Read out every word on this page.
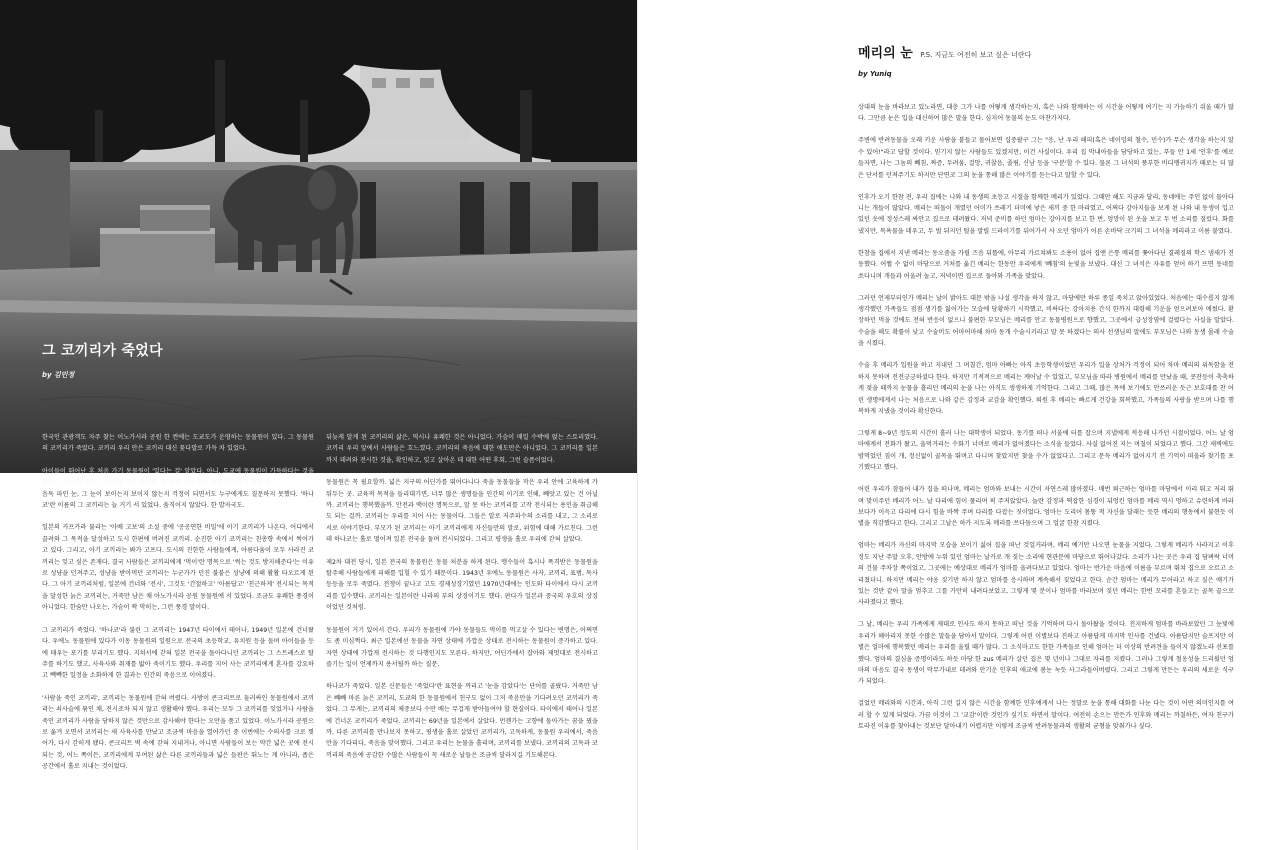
그 코끼리가 죽었다

by 김민정

한국인 관광객도 자주 찾는 이노가시라 공원 한 켠에는 도쿄도가 운영하는 동물원이 있다. 그 동물원의 코끼리가 죽었다. 코끼리 우리 안은 코끼리 대신 꽃다발로 가득 차 있었다.

아이들이 뛰어난 후 처음 가기 동물원이 '있다는 걸' 알았다. 아니, 도쿄에 동물원이 가득하다는 것을 알았다. 아이를 데리고 여러 번 가본 곳이다. 한 마리 밖에 없는 코끼리가 거기 있었다.

음독 파인 눈, 그 눈이 보이는지 보이지 않는지 걱정이 되면서도 누구에게도 질문하지 못했다. '하나코'란 이름의 그 코끼리는 늘 거기 서 있었다. 움직이지 않았다. 한 발자국도.

일본의 카프카라 불리는 '아베 고보'의 소설 중에 '공공연한 비밀'에 아기 코끼리가 나온다. 어디에서 끌려와 그 목적을 달성하고 도시 한편에 버려진 코끼리. 순진한 아기 코끼리는 친총향 속에서 썩어가고 있다. 그리고, 아기 코끼리는 봐가 고프다. 도시의 진한한 사람들에게, 아름다움이 모두 사라진 코끼리는 잊고 싶은 존재다. 결국 사람들은 코끼리에게 '먹이'란 명목으로 '썩는 것도 방지해준다'는 이유로 성냥을 던져주고, 성냥을 받아먹던 코끼리는 누군가가 던진 불붙은 성냥에 의해 활활 타오르게 된다. 그 아기 코끼리처럼, 일본에 건너와 '전시', 그것도 '간절하고' '아름답고' '친근하게' 전시되는 목적을 달성한 늙은 코끼리는, 거죽만 남은 채 아노가시라 공원 동물원에 서 있었다. 조금도 유쾌한 풍경이 아니었다. 한숨만 나오는, 가슴이 꽉 막히는, 그런 풍경 말이다.

그 코끼리가 죽었다. '하나코'라 불린 그 코끼리는 1947년 타이에서 태어나, 1949년 일본에 건너왔다. 우에노 동물원에 있다가 이동 동물원의 일원으로 전국의 초등학교, 유치원 등을 돌며 아이들을 등에 태우는 포기를 부리기도 했다. 지쳐서에 갇혀 일본 전국을 돌아다니던 코끼리는 그 스트레스로 탈주를 하기도 했고, 사육사와 취재를 밟아 죽이기도 했다. 우리를 지어 사는 코끼리에게 혼자를 강요하고 빽빽한 일정을 소화하게 한 결과는 인간의 죽음으로 이어졌다.

'사람을 죽인 코끼리', 코끼리는 동물원에 갇혀 버렸다. 사방이 콘크리트로 둘러싸인 동물원에서 코끼리는 쇠사슬에 묶인 채, 전시조차 되지 않고 생활해야 했다. 우리는 모두 그 코끼리를 잊었거나 사람을 죽인 코끼리가 사람을 당하지 않은 것만으로 감사해야 한다는 오만을 품고 있었다. 이노가시라 공원으로 옮겨 오면서 코끼리는 새 사육사를 만났고 조금씩 마음을 열어가던 중 이번에는 수의사를 크로 찢어가, 다시 갇히게 됐다. 콘크리트 벽 속에 갇혀 지내거나, 아니면 사람들이 보는 약간 넓은 곳에 전시되는 것, 어느 쪽이든, 코끼리에게 부여된 삶은 다른 코끼리들과 넓은 들판은 뛰노는 게 아니라, 좁은 공간에서 홀로 지내는 것이었다.

뒤늦게 알게 된 코끼리의 삶은, 역시나 유쾌한 것은 아니었다. 가슴이 매일 수박에 얹는 스토리였다. 코끼리 우리 앞에서 사람들은 흐느꼈다. 코끼리의 죽음에 대한 애도만은 아니었다. 그 코끼리를 일본까지 데려와 전시한 것을, 확인하고, 잊고 살아온 데 대한 어떤 후회, 그런 슬픔이었다.

동물원은 꼭 필요할까. 넓은 지구의 어딘가를 뛰어다니다 죽을 동물들을 작은 우리 안에 고육하게 가둬두는 곳. 교육적 목적을 들리대기면, 너무 많은 생명들을 인간의 이기로 인해, 빼앗고 있는 건 아닐까. 코끼리는 행복했을까. 안전과 맥이란 명목으로, 알 못 하는 코끼리를 고작 전시되는 용인을 취급해도 되는 걸까. 코끼리는 우리를 지어 사는 동물이다. 그들은 알로 저주파수의 소리를 내고, 그 소리로 서로 이야기한다. 부모가 된 코끼리는 아기 코끼리에게 자신들만의 말로, 위험에 대해 가르친다. 그런데 하나코는 홀로 떨어져 일본 전국을 돌며 전시되었다. 그리고 평생을 홀로 우리에 갇혀 살았다.

제2차 대전 당시, 일본 전국의 동물원은 동물 처분을 하게 된다. 맹수들이 혹시나 폭격받은 동물원을 탈주해 사람들에게 피해를 입힐 수 있기 때문이다. 1943년 우에노 동물원은 사자, 코끼리, 표범, 독사 등등을 모두 죽였다. 전쟁이 끝나고 고도 경제성장기였던 1970년대에는 인도와 타이에서 다시 코끼리를 입수했다. 코끼리는 일본이란 나라의 부의 상징이기도 했다. 판다가 일본과 중국의 우호의 상징이었던 것처럼.

동물원이 거기 있어서 간다. 우리가 동물원에 가야 동물들도 먹이를 먹고살 수 있다는 변명은, 어쩌면도 좀 미심쩍다. 최근 일본에선 동물을 자연 상태에 가깝운 상태로 전시하는 동물원이 증가하고 있다. 자연 상태에 가깝게 전시하는 것 다행인지도 모른다. 하지만, 어딘가에서 잡아와 제멋대로 전시하고 즐기는 일이 언제까지 용서될까 하는 질문.

하나코가 죽었다. 일본 신문들은 '죽었다'란 표현을 꺼리고 '눈을 감았다'는 단어를 골랐다. 거죽만 남은 빼빼 마른 늙은 코끼리, 도쿄의 한 동물원에서 친구도 없이 그저 죽음만을 기다려오던 코끼리가 죽었다. 그 무게는, 코끼리의 체중보다 수만 배는 무겁게 받아들여야 할 현실이다. 타이에서 태어나 일본에 건너온 코끼리가 죽었다. 코끼리는 69년을 일본에서 살았다. 먼젠가는 고향에 돌아가는 꿈을 꿨을까. 다른 코끼리를 만나보지 못하고, 평생을 홀로 살았던 코끼리가, 고독하게, 동물원 우리에서, 죽음만을 기다리다, 죽음을 맞이했다. 그리고 우리는 눈물을 흘리며, 코끼리를 보냈다. 코끼리의 고독과 코끼리의 죽음에 공감한 수많은 사람들이 꼭 새로운 날들은 조금씩 달라지길 기도해본다.

메리의 눈 P.S. 지금도 여전히 보고 싶은 너란다

by Yuniq

상대의 눈을 바라보고 있노라면, 대충 그가 나를 어떻게 생각하는지, 혹은 나와 함께하는 이 시간을 어떻게 여기는 지 가늠하기 쉬울 때가 많다. 그만큼 눈은 입을 대신하여 많은 말을 한다. 심지어 동물의 눈도 마찬가지다.

주변에 반려동물을 오래 키운 사람을 붙들고 물어보면 십중팔구 그는 "응, 난 우리 해피(혹은 네이밍의 철수, 민수)가 무슨 생각을 하는지 알 수 있어!"라고 답할 것이다. 믿기지 않는 사람들도 있겠지만, 이건 사실이다. 우리 집 막내아들을 담당하고 있는, 푸들 안 1세 '인후'를 예로 들자면, 나는 그놈의 빼침, 짜증, 두려움, 걸망, 귀찮음, 졸림, 신남 등을 '구분'할 수 있다. 물론 그 녀석의 풍부한 비디랭귀지가 때로는 더 많은 단서를 던져주기도 하지만 단연코 그의 눈을 통해 많은 이야기를 듣는다고 말할 수 있다.

인후가 오기 한참 전, 우리 집에는 나와 내 동생의 초등고 시절을 함께한 메리가 있었다. 그때만 해도 지금과 달리, 동네에는 주인 없이 돌아다니는 개들이 많았다. 메리는 떠돌이 개였던 어미가 쓰레기 더미에 낳은 새끼 중 한 마리였고, 어쩌다 강아지들을 보게 된 나와 내 동생이 입고 있던 옷에 정성스레 싸안고 집으로 데려왔다. 저녁 준비를 하던 엄마는 강아지를 보고 한 번, 엉망이 된 옷을 보고 두 번 소리를 질렀다. 화를 냈지만, 목욕물을 데우고, 두 벌 뒤지던 털을 말릴 드라이기를 뒤어가서 사 오던 엄마가 어른 손바닥 크기의 그 녀석을 메리라고 이름 붙였다.

한참을 집에서 지낸 메리는 동오줌을 가릴 즈음 뒤뜰에, 아무리 가르쳐봐도 소용이 없어 집앤 은통 메리를 쫓아다닌 결레질의 학스 냄새가 진동했다. 어쩔 수 없이 마당으로 거처를 옮긴 메리는 한동안 우리에게 '빼침'의 눈빛을 보냈다. 대신 그 녀석은 자유를 얻어 하기 뜨면 동네를 쏘다니며 개들과 어울려 놀고, 저녁이면 집으로 돌아와 가족을 맞았다.

그러던 언제부터인가 메리는 날이 밝아도 대문 밖을 나설 생각을 하지 않고, 마당에만 하루 종일 죽치고 앉아있었다. 처음에는 대수롭지 않게 생각했던 가족들도 점점 생기를 잃어가는 모습에 당황하기 시작했고, 비싸다는 강아지용 간식 한까지 대령해 기운을 얻으려보아 애썼다. 환장하던 먹을 것에도 전혀 반응이 없으니 불편한 부모님은 메리를 안고 동물병원으로 향했고, 그곳에서 급성장염에 걸렸다는 사실을 알았다. 수술을 해도 확률이 낮고 수술비도 어마어마해 차마 동개 수술시키라고 말 못 하겠다는 의사 선생님의 말에도 부모님은 나와 동생 몰래 수술을 시켰다.

수술 후 메리가 입원을 하고 지내던 그 며칠간, 엄마 아빠는 아직 초등학생이었던 우리가 입을 상처가 걱정이 되어 차마 메리의 위독함을 전하지 못하며 전전긍긍하셨다 한다. 하지만 기적적으로 메리는 깨어날 수 있었고, 부모님을 따라 병원에서 메리를 만났을 때, 콧잔등이 축축하게 젖을 때까지 눈물을 흘리던 메리의 눈을 나는 아직도 생생하게 기억한다. 그리고 그때, 많은 목에 보기에도 안쓰러운 듯근 보호대를 찬 어린 생명에게서 나는 처음으로 나와 같은 감정과 교감을 확인했다. 퇴원 후 메리는 빠르게 건강을 회복했고, 가족들의 사랑을 받으며 나를 행복하게 지냈을 것이라 확신한다.

그렇게 8~9년 정도의 시간이 흘러 나는 대학생이 되었다. 동기를 떠나 서울에 터를 잡으며 지낼에게 적응해 나가던 시절이었다. 어느 날 엄마에게서 전화가 왔고, 울먹거리는 수화기 너머로 메리가 없어졌다는 소식을 들었다. 사실 없어진 지는 며칠이 되었다고 했다. 그간 새벽에도 밤먹었던 짐이 개, 정신없이 골목을 뛰며고 다니며 찾았지만 찾을 수가 없었다고. 그리고 문득 메리가 없어지기 전 기억이 떠올라 찾기를 포기했다고 했다.

어린 우리가 잠들어 내가 집을 떠나며, 메리는 엄마와 보내는 시간이 자연스레 많아졌다. 매번 퇴근하는 엄마를 마당에서 이리 뛰고 저리 뛰며 맞이주던 메리가 어느 날 다리에 힘이 풀리며 픽 주저앉았다. 놀란 감정과 떡잡한 심경이 뒤엉킨 엄마를 메리 역시 멍하고 슈련하게 바라보다가 이윽고 다리에 다시 힘을 바짝 주며 다리를 다잡는 짓이었다. 엄마는 도리어 몸뚱 적 자신을 달래는 듯한 메리의 행동에서 불현듯 이별을 직감했다고 한다. 그리고 그날은 하가 지도록 메리를 쓰다듬으며 그 얼굴 한참 지켰다.

엄마는 메리가 자신의 마지막 모습을 보이기 싫어 집을 떠난 것일거라며, 메리 예기만 나오면 눈물을 지었다. 그렇게 메리가 사라지고 이후 정도 지난 주말 오후, 안방에 누워 있던 엄마는 날카로 개 짖는 소리에 현관문에 마당으로 뛰어나갔다. 소리가 나는 곳은 우리 집 담벼락 너머의 건물 주차장 쪽이었고, 그곳에는 예상대로 메리가 엄마를 올려다보고 있었다. 엄마는 반가운 마음에 이름을 부르며 뛰쳐 집으로 오르고 소리쳤더니. 하지만 메리는 야옹 짖기만 하지 않고 엄마를 응시하며 계속해서 짖었다고 한다. 순간 엄마는 메리가 무어라고 하고 싶은 얘기가 있는 것만 같아 말을 멈추고 그를 가만히 내려다보았고, 그렇게 몇 분이나 엄마를 바라보며 짖던 메리는 한번 꼬리를 흔들고는 골목 끝으로 사라졌다고 했다.

그 날, 메리는 우리 가족에게 제대로 인사도 하지 못하고 떠난 것을 기억하며 다시 돌아왔을 것이다. 진지하게 엄마를 바라보았던 그 눈빛에 우리가 헤아리지 못한 수많은 말들을 담아서 말이다. 그렇게 어린 이별보다 진하고 아름답게 마지막 인사를 건넸다. 아름답지만 슬프지만 이별은 얼마에 행복했던 메리는 우리를 울릴 때가 많다. 그 소식마고도 한한 가족들로 인해 엄마는 더 이상의 반려견을 들이지 않겠노라 선포를 했다. 엄마의 결심을 증명이라도 하듯 마당 한 zus 메리가 살던 집은 몇 년이나 그대로 자리를 지켰다. 그러나 그렇게 철옹성을 드리웠던 엄마의 마음도 결국 동생이 막무가내로 데려와 안기운 인후의 애교에 봄눈 녹듯 사그라들어버렸다. 그리고 그렇게 만든는 우리의 새로운 식구가 되었다.

걸었던 메리와의 시간과, 아직 그런 길지 않은 시간을 함께한 인후에게서 나는 정말로 눈을 통해 대화를 나눈 다는 것이 어떤 의미인지를 여러 할 수 있게 되었다. 가끔 이것이 그 '교감'이란 것인가 싶기도 하면서 말이다. 여전히 손으는 만든가 인후와 메리는 까칠하든, 여자 친구가 토라진 이유를 찾아내는 것보단 달아내기 어렵지만 이렇게 조금씩 반려동물과의 생활의 균형을 맞춰가나 싶다.
